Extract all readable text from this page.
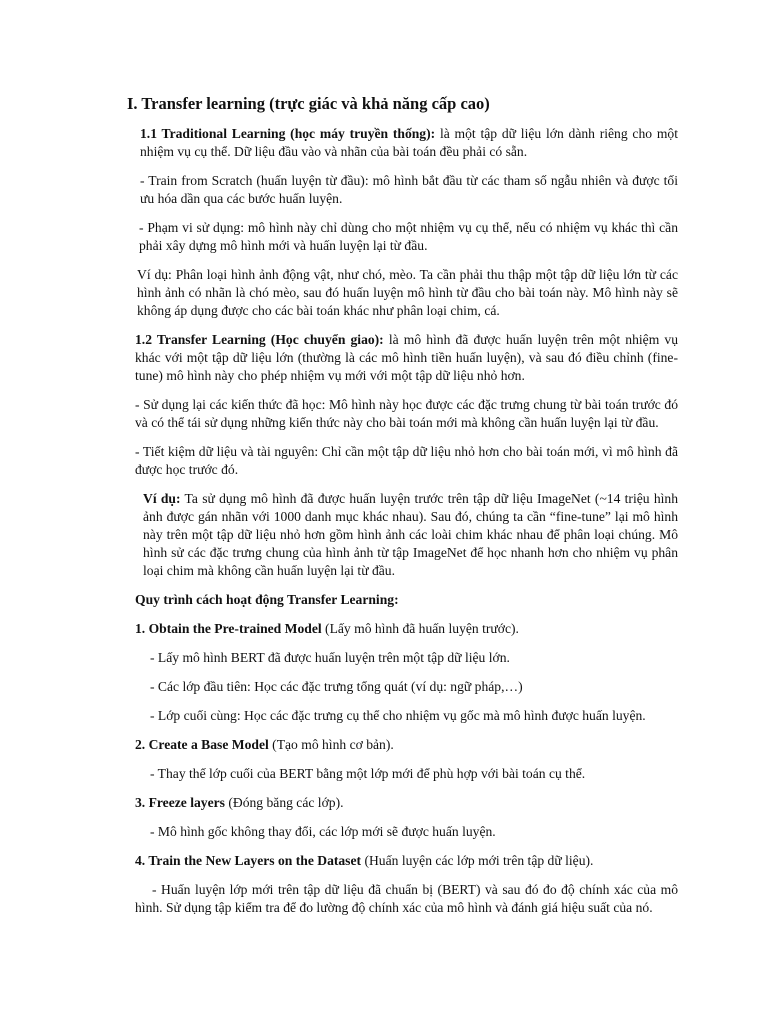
I. Transfer learning (trực giác và khả năng cấp cao)

1.1 Traditional Learning (học máy truyền thống): là một tập dữ liệu lớn dành riêng cho một nhiệm vụ cụ thể. Dữ liệu đầu vào và nhãn của bài toán đều phải có sẵn.

- Train from Scratch (huấn luyện từ đầu): mô hình bắt đầu từ các tham số ngẫu nhiên và được tối ưu hóa dần qua các bước huấn luyện.

- Phạm vi sử dụng: mô hình này chỉ dùng cho một nhiệm vụ cụ thể, nếu có nhiệm vụ khác thì cần phải xây dựng mô hình mới và huấn luyện lại từ đầu.

Ví dụ: Phân loại hình ảnh động vật, như chó, mèo. Ta cần phải thu thập một tập dữ liệu lớn từ các hình ảnh có nhãn là chó mèo, sau đó huấn luyện mô hình từ đầu cho bài toán này. Mô hình này sẽ không áp dụng được cho các bài toán khác như phân loại chim, cá.

1.2 Transfer Learning (Học chuyển giao): là mô hình đã được huấn luyện trên một nhiệm vụ khác với một tập dữ liệu lớn (thường là các mô hình tiền huấn luyện), và sau đó điều chỉnh (fine-tune) mô hình này cho phép nhiệm vụ mới với một tập dữ liệu nhỏ hơn.

- Sử dụng lại các kiến thức đã học: Mô hình này học được các đặc trưng chung từ bài toán trước đó và có thể tái sử dụng những kiến thức này cho bài toán mới mà không cần huấn luyện lại từ đầu.

- Tiết kiệm dữ liệu và tài nguyên: Chỉ cần một tập dữ liệu nhỏ hơn cho bài toán mới, vì mô hình đã được học trước đó.

Ví dụ: Ta sử dụng mô hình đã được huấn luyện trước trên tập dữ liệu ImageNet (~14 triệu hình ảnh được gán nhãn với 1000 danh mục khác nhau). Sau đó, chúng ta cần “fine-tune” lại mô hình này trên một tập dữ liệu nhỏ hơn gồm hình ảnh các loài chim khác nhau để phân loại chúng. Mô hình sử các đặc trưng chung của hình ảnh từ tập ImageNet để học nhanh hơn cho nhiệm vụ phân loại chim mà không cần huấn luyện lại từ đầu.

Quy trình cách hoạt động Transfer Learning:

1. Obtain the Pre-trained Model (Lấy mô hình đã huấn luyện trước).

- Lấy mô hình BERT đã được huấn luyện trên một tập dữ liệu lớn.

- Các lớp đầu tiên: Học các đặc trưng tổng quát (ví dụ: ngữ pháp,…)

- Lớp cuối cùng: Học các đặc trưng cụ thể cho nhiệm vụ gốc mà mô hình được huấn luyện.

2. Create a Base Model (Tạo mô hình cơ bản).

- Thay thế lớp cuối của BERT bằng một lớp mới để phù hợp với bài toán cụ thể.

3. Freeze layers (Đóng băng các lớp).

- Mô hình gốc không thay đổi, các lớp mới sẽ được huấn luyện.

4. Train the New Layers on the Dataset (Huấn luyện các lớp mới trên tập dữ liệu).

- Huấn luyện lớp mới trên tập dữ liệu đã chuẩn bị (BERT) và sau đó đo độ chính xác của mô hình. Sử dụng tập kiểm tra để đo lường độ chính xác của mô hình và đánh giá hiệu suất của nó.
